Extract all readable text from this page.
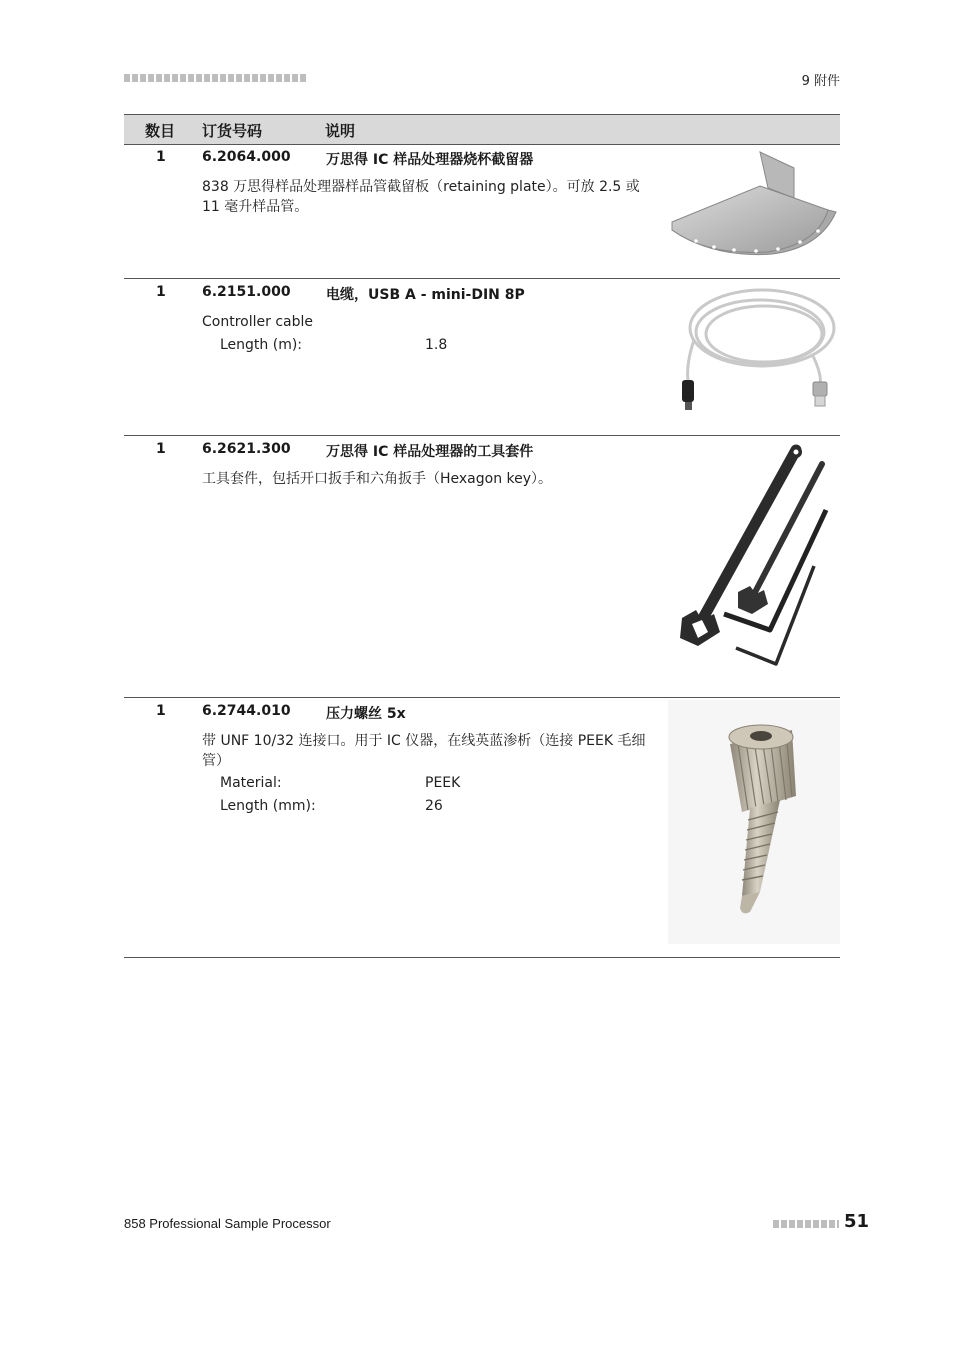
9 附件
数目 订货号码	说明
1	6.2064.000	万思得 IC 样品处理器烧杯截留器
838 万思得样品处理器样品管截留板（retaining plate）。可放 2.5 或 11 毫升样品管。
1	6.2151.000	电缆，USB A - mini-DIN 8P
Controller cable
Length (m):	1.8
1	6.2621.300	万思得 IC 样品处理器的工具套件
工具套件，包括开口扳手和六角扳手（Hexagon key）。
1	6.2744.010	压力螺丝 5x
带 UNF 10/32 连接口。用于 IC 仪器，在线英蓝渗析（连接 PEEK 毛细管）
Material:	PEEK
Length (mm):	26
858 Professional Sample Processor	51
